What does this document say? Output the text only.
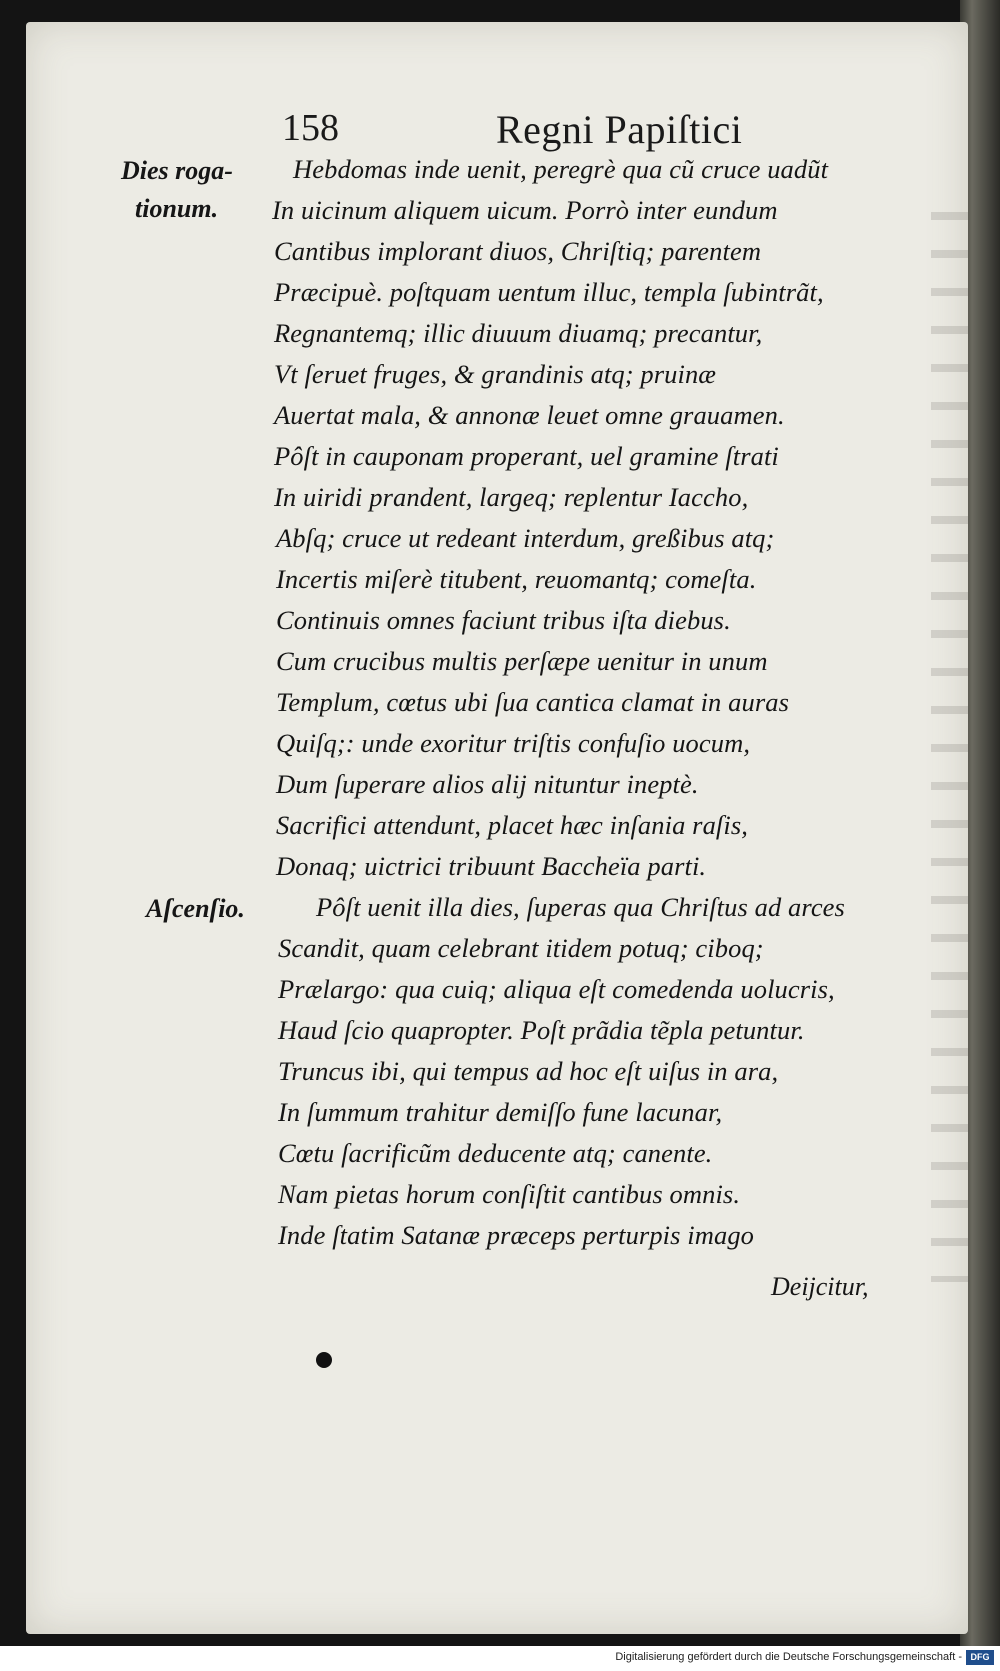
158	Regni Papiſtici
Dies roga-
tionum.
Aſcenſio.
Hebdomas inde uenit, peregrè qua cũ cruce uadũt
In uicinum aliquem uicum. Porrò inter eundum
Cantibus implorant diuos, Chriſtiq; parentem
Præcipuè. poſtquam uentum illuc, templa ſubintrãt,
Regnantemq; illic diuuum diuamq; precantur,
Vt ſeruet fruges, & grandinis atq; pruinæ
Auertat mala, & annonæ leuet omne grauamen.
Pôſt in cauponam properant, uel gramine ſtrati
In uiridi prandent, largeq; replentur Iaccho,
Abſq; cruce ut redeant interdum, greßibus atq;
Incertis miſerè titubent, reuomantq; comeſta.
Continuis omnes faciunt tribus iſta diebus.
Cum crucibus multis perſæpe uenitur in unum
Templum, cœtus ubi ſua cantica clamat in auras
Quiſq;: unde exoritur triſtis confuſio uocum,
Dum ſuperare alios alij nituntur ineptè.
Sacrifici attendunt, placet hæc inſania raſis,
Donaq; uictrici tribuunt Baccheïa parti.
Pôſt uenit illa dies, ſuperas qua Chriſtus ad arces
Scandit, quam celebrant itidem potuq; ciboq;
Prælargo: qua cuiq; aliqua eſt comedenda uolucris,
Haud ſcio quapropter. Poſt prãdia tẽpla petuntur.
Truncus ibi, qui tempus ad hoc eſt uiſus in ara,
In ſummum trahitur demiſſo fune lacunar,
Cœtu ſacrificũm deducente atq; canente.
Nam pietas horum conſiſtit cantibus omnis.
Inde ſtatim Satanæ præceps perturpis imago
Deijcitur,
Digitalisierung gefördert durch die Deutsche Forschungsgemeinschaft - DFG
